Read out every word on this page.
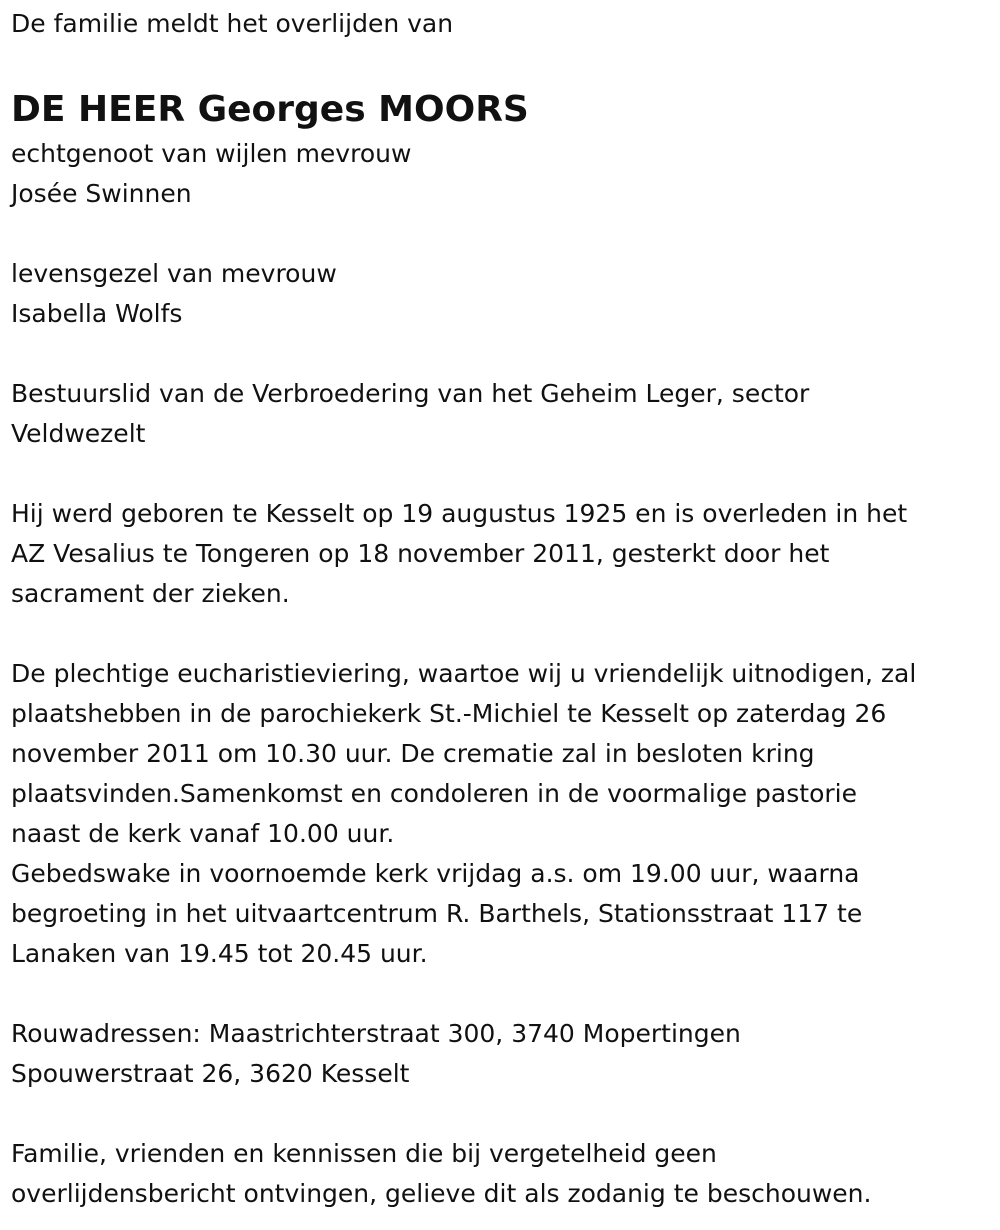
De familie meldt het overlijden van

DE HEER Georges MOORS

echtgenoot van wijlen mevrouw

Josée Swinnen

levensgezel van mevrouw

Isabella Wolfs

Bestuurslid van de Verbroedering van het Geheim Leger, sector

Veldwezelt

Hij werd geboren te Kesselt op 19 augustus 1925 en is overleden in het

AZ Vesalius te Tongeren op 18 november 2011, gesterkt door het

sacrament der zieken.

De plechtige eucharistieviering, waartoe wij u vriendelijk uitnodigen, zal

plaatshebben in de parochiekerk St.-Michiel te Kesselt op zaterdag 26

november 2011 om 10.30 uur. De crematie zal in besloten kring

plaatsvinden.Samenkomst en condoleren in de voormalige pastorie

naast de kerk vanaf 10.00 uur.

Gebedswake in voornoemde kerk vrijdag a.s. om 19.00 uur, waarna

begroeting in het uitvaartcentrum R. Barthels, Stationsstraat 117 te

Lanaken van 19.45 tot 20.45 uur.

Rouwadressen: Maastrichterstraat 300, 3740 Mopertingen

Spouwerstraat 26, 3620 Kesselt

Familie, vrienden en kennissen die bij vergetelheid geen

overlijdensbericht ontvingen, gelieve dit als zodanig te beschouwen.
